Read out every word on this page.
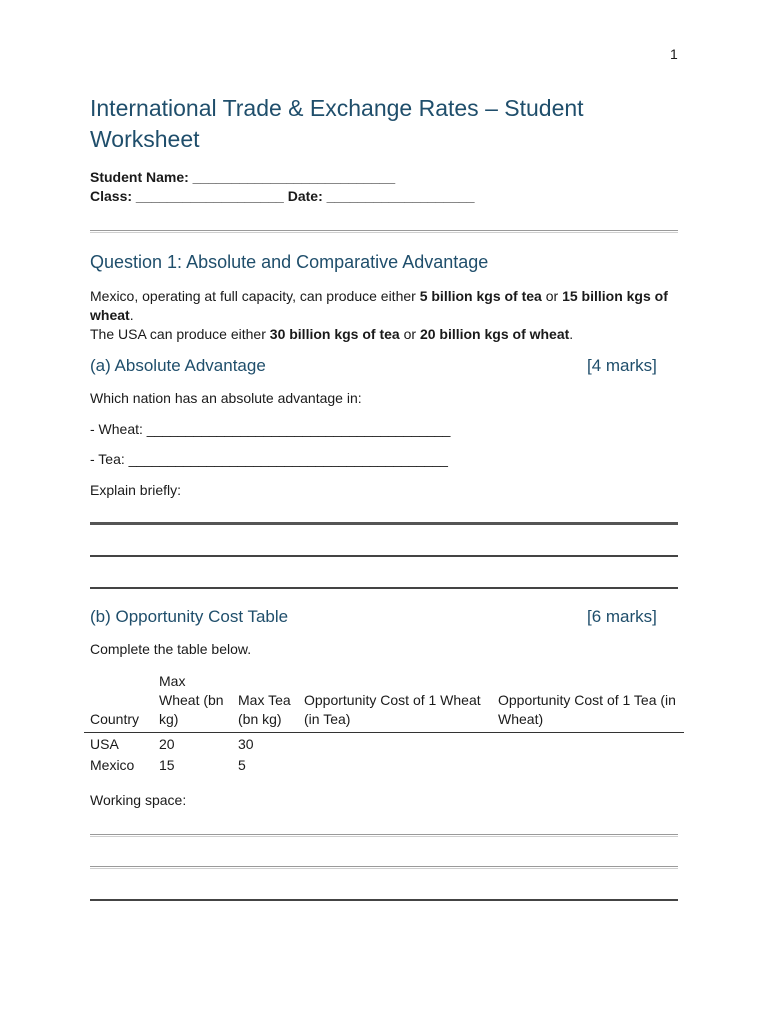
1
International Trade & Exchange Rates – Student Worksheet
Student Name: __________________________
Class: ___________________ Date: ___________________
Question 1: Absolute and Comparative Advantage
Mexico, operating at full capacity, can produce either 5 billion kgs of tea or 15 billion kgs of wheat.
The USA can produce either 30 billion kgs of tea or 20 billion kgs of wheat.
(a) Absolute Advantage	[4 marks]
Which nation has an absolute advantage in:
- Wheat: _______________________________________
- Tea: _________________________________________
Explain briefly:
(b) Opportunity Cost Table	[6 marks]
Complete the table below.
Country	Max Wheat (bn kg)	Max Tea (bn kg)	Opportunity Cost of 1 Wheat (in Tea)	Opportunity Cost of 1 Tea (in Wheat)
USA	20	30		
Mexico	15	5		
Working space:
